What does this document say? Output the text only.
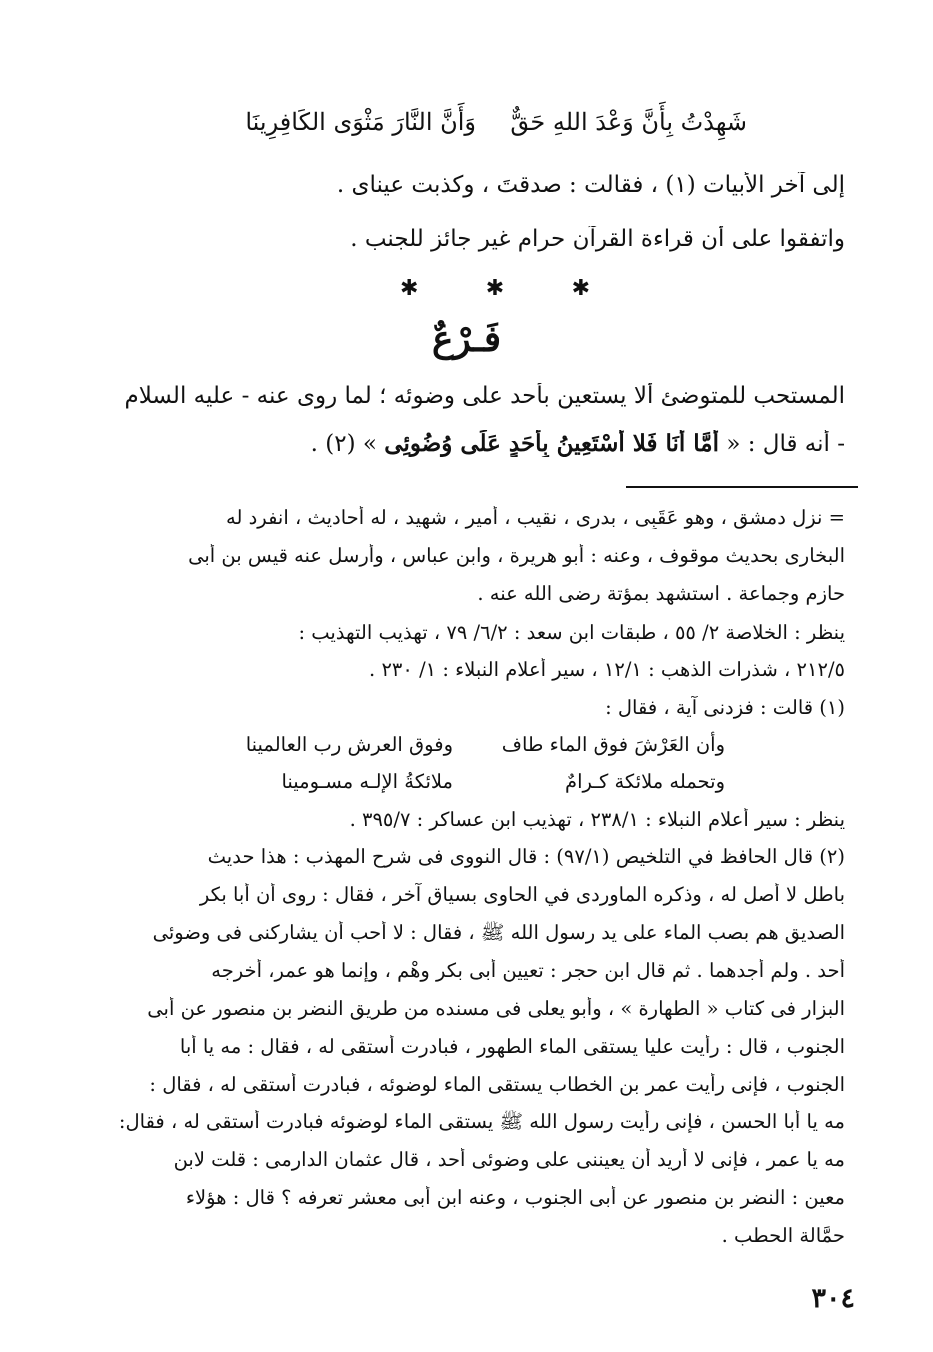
شَهِدْتُ بِأَنَّ وَعْدَ اللهِ حَقٌّ
وَأَنَّ النَّارَ مَثْوَى الكَافِرِينَا
إلى آخر الأبيات (١) ، فقالت : صدقتَ ، وكذبت عيناى .
واتفقوا على أن قراءة القرآن حرام غير جائز للجنب .
✱	✱	✱
فَـرْعٌ
المستحب للمتوضئ ألا يستعين بأحد على وضوئه ؛ لما روى عنه - عليه السلام
- أنه قال : « أَمَّا أَنَا فَلا أَسْتَعِينُ بِأَحَدٍ عَلَى وُضُوئِى » (٢) .
= نزل دمشق ، وهو عَقَبِى ، بدرى ، نقيب ، أمير ، شهيد ، له أحاديث ، انفرد له
البخارى بحديث موقوف ، وعنه : أبو هريرة ، وابن عباس ، وأرسل عنه قيس بن أبى
حازم وجماعة . استشهد بمؤتة رضى الله عنه .
ينظر : الخلاصة ٢/ ٥٥ ، طبقات ابن سعد : ٦/٢/ ٧٩ ، تهذيب التهذيب :
٢١٢/٥ ، شذرات الذهب : ١٢/١ ، سير أعلام النبلاء : ١/ ٢٣٠ .
(١) قالت : فزدنى آية ، فقال :
وأن العَرْشَ فوق الماء طاف
وفوق العرش رب العالمينا
وتحمله ملائكة كـرامٌ
ملائكةُ الإلـه مسـومينا
ينظر : سير أعلام النبلاء : ٢٣٨/١ ، تهذيب ابن عساكر : ٣٩٥/٧ .
(٢) قال الحافظ في التلخيص (٩٧/١) : قال النووى فى شرح المهذب : هذا حديث
باطل لا أصل له ، وذكره الماوردى في الحاوى بسياق آخر ، فقال : روى أن أبا بكر
الصديق هم بصب الماء على يد رسول الله ﷺ ، فقال : لا أحب أن يشاركنى فى وضوئى
أحد . ولم أجدهما . ثم قال ابن حجر : تعيين أبى بكر وهْم ، وإنما هو عمر، أخرجه
البزار فى كتاب « الطهارة » ، وأبو يعلى فى مسنده من طريق النضر بن منصور عن أبى
الجنوب ، قال : رأيت عليا يستقى الماء الطهور ، فبادرت أستقى له ، فقال : مه يا أبا
الجنوب ، فإنى رأيت عمر بن الخطاب يستقى الماء لوضوئه ، فبادرت أستقى له ، فقال :
مه يا أبا الحسن ، فإنى رأيت رسول الله ﷺ يستقى الماء لوضوئه فبادرت أستقى له ، فقال:
مه يا عمر ، فإنى لا أريد أن يعيننى على وضوئى أحد ، قال عثمان الدارمى : قلت لابن
معين : النضر بن منصور عن أبى الجنوب ، وعنه ابن أبى معشر تعرفه ؟ قال : هؤلاء
حمَّالة الحطب .
٣٠٤
